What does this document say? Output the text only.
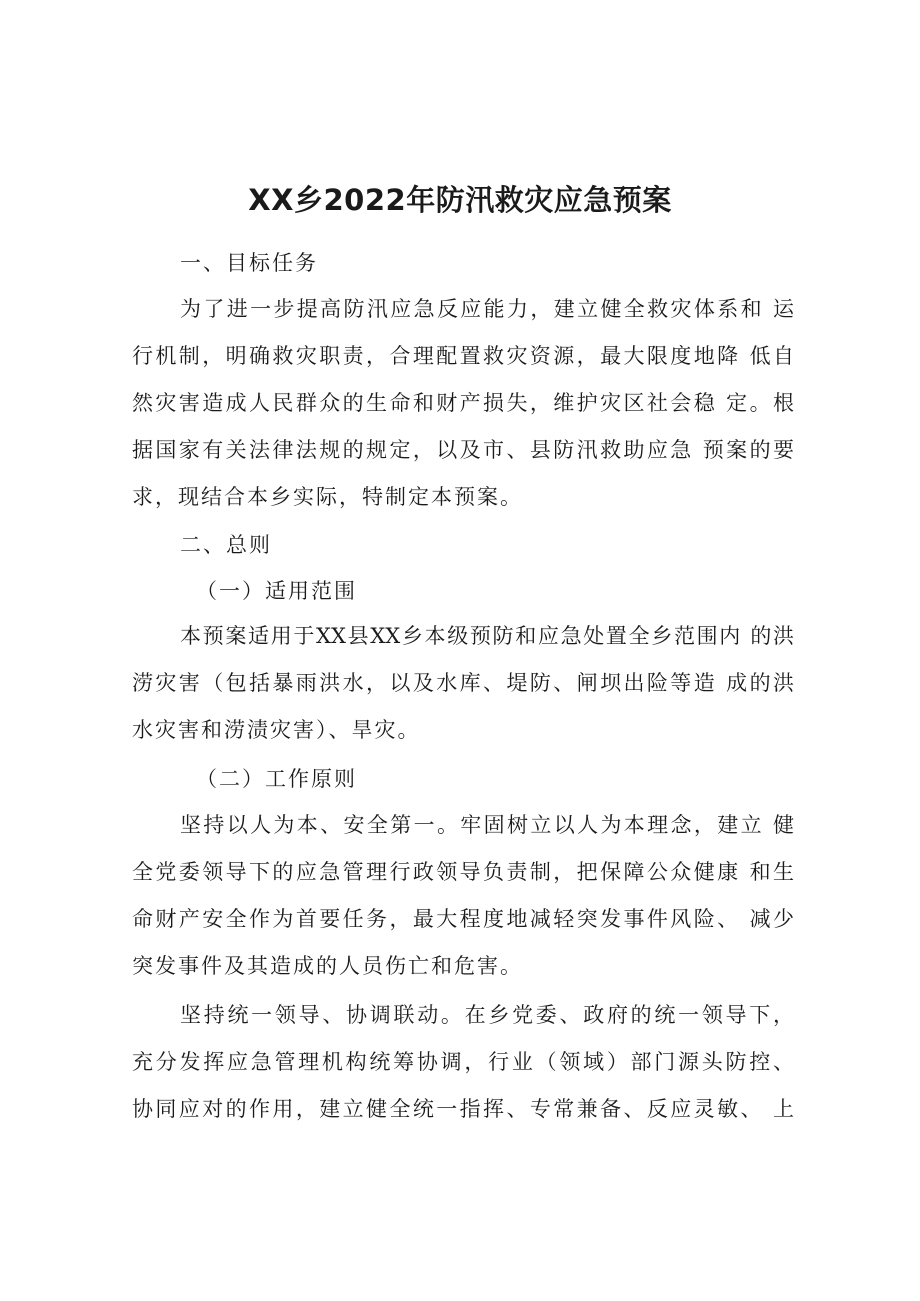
XX乡2022年防汛救灾应急预案

一、目标任务

为了进一步提高防汛应急反应能力，建立健全救灾体系和 运
行机制，明确救灾职责，合理配置救灾资源，最大限度地降 低自
然灾害造成人民群众的生命和财产损失，维护灾区社会稳 定。根
据国家有关法律法规的规定，以及市、县防汛救助应急 预案的要
求，现结合本乡实际，特制定本预案。

二、总则

（一）适用范围

本预案适用于XX县XX乡本级预防和应急处置全乡范围内 的洪
涝灾害（包括暴雨洪水，以及水库、堤防、闸坝出险等造 成的洪
水灾害和涝渍灾害）、旱灾。

（二）工作原则

坚持以人为本、安全第一。牢固树立以人为本理念，建立 健
全党委领导下的应急管理行政领导负责制，把保障公众健康 和生
命财产安全作为首要任务，最大程度地减轻突发事件风险、 减少
突发事件及其造成的人员伤亡和危害。
坚持统一领导、协调联动。在乡党委、政府的统一领导下，
充分发挥应急管理机构统筹协调，行业（领域）部门源头防控、
协同应对的作用，建立健全统一指挥、专常兼备、反应灵敏、 上
